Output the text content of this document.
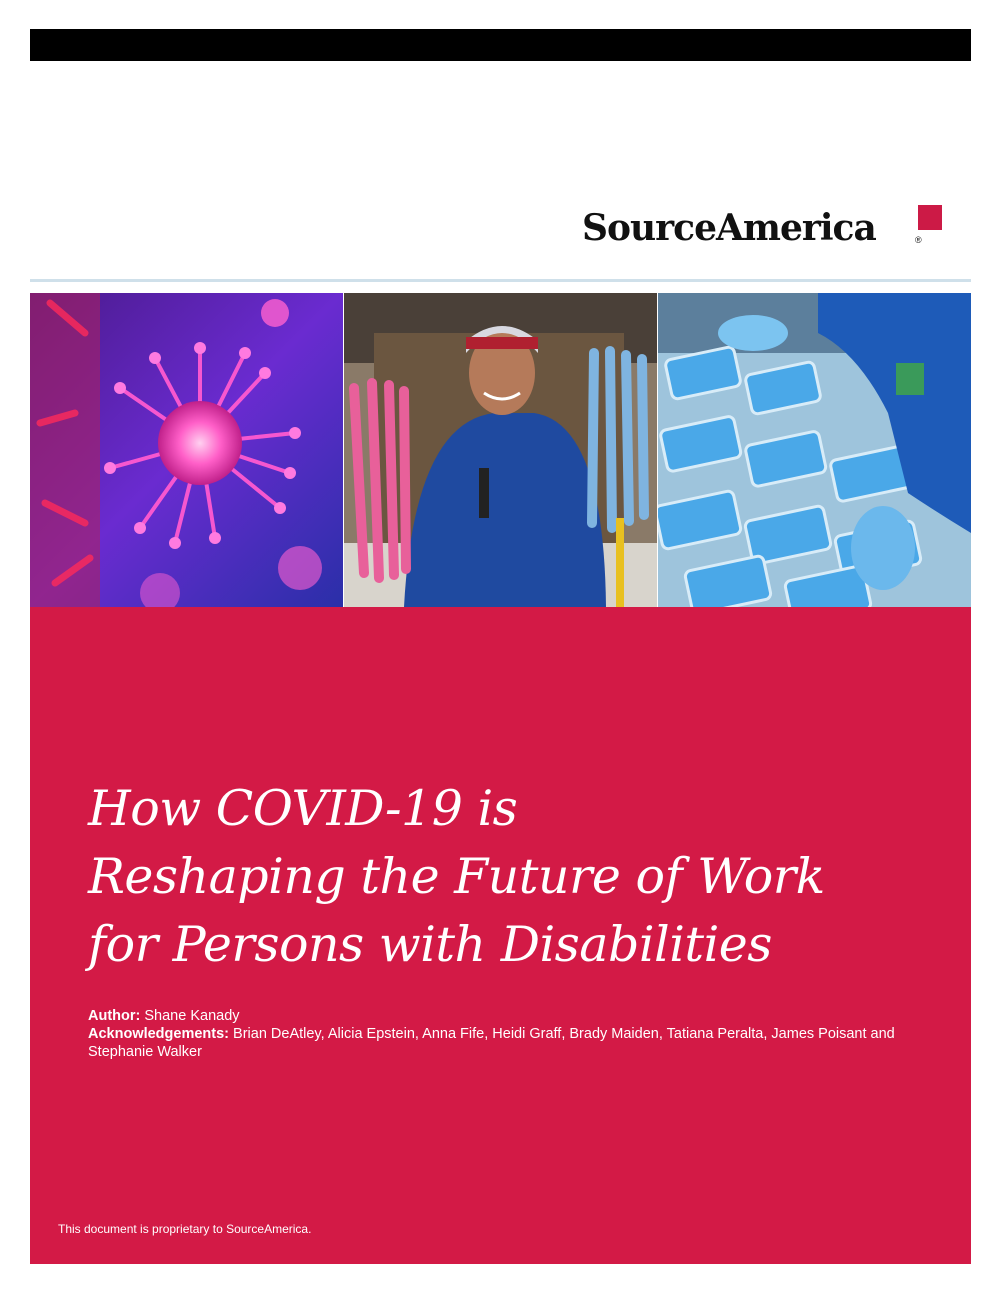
SourceAmerica	®
How COVID-19 is
Reshaping the Future of Work
for Persons with Disabilities
Author: Shane Kanady
Acknowledgements: Brian DeAtley, Alicia Epstein, Anna Fife, Heidi Graff, Brady Maiden, Tatiana Peralta, James Poisant and Stephanie Walker
This document is proprietary to SourceAmerica.
